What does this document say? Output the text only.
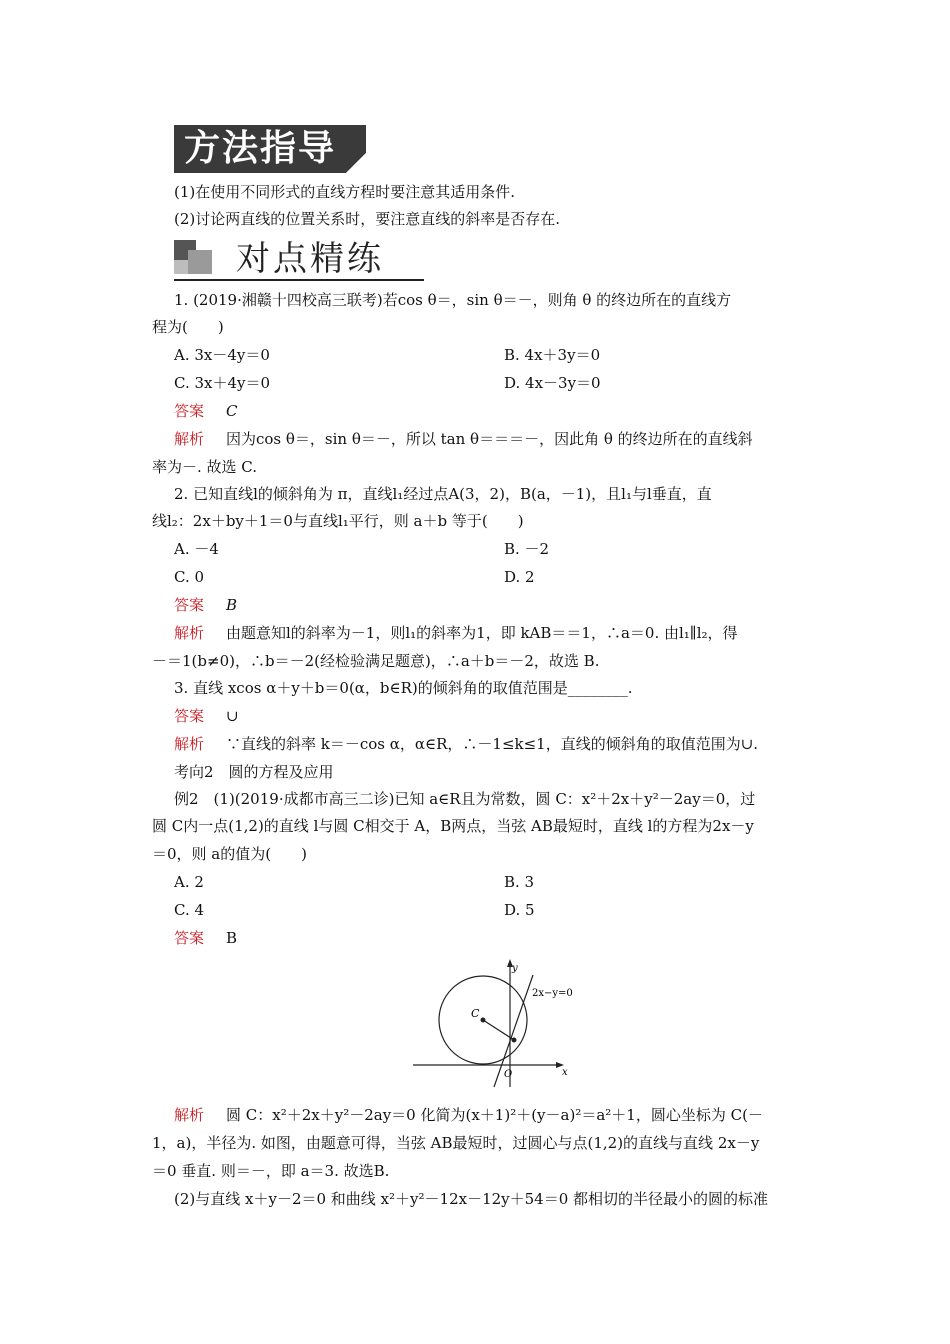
方法指导
(1)在使用不同形式的直线方程时要注意其适用条件.
(2)讨论两直线的位置关系时，要注意直线的斜率是否存在.
对点精练
1. (2019·湘赣十四校高三联考)若cos θ＝，sin θ＝－，则角 θ 的终边所在的直线方
程为(　　)
A. 3x－4y＝0	B. 4x＋3y＝0
C. 3x＋4y＝0	D. 4x－3y＝0
答案 C
解析 因为cos θ＝，sin θ＝－，所以 tan θ＝＝＝－，因此角 θ 的终边所在的直线斜
率为－. 故选 C.
2. 已知直线l的倾斜角为 π，直线l₁经过点A(3，2)，B(a，－1)，且l₁与l垂直，直
线l₂：2x＋by＋1＝0与直线l₁平行，则 a＋b 等于(　　)
A. －4	B. －2
C. 0	D. 2
答案 B
解析 由题意知l的斜率为－1，则l₁的斜率为1，即 kAB＝＝1，∴a＝0. 由l₁∥l₂，得
－＝1(b≠0)，∴b＝－2(经检验满足题意)，∴a＋b＝－2，故选 B.
3. 直线 xcos α＋y＋b＝0(α，b∈R)的倾斜角的取值范围是________.
答案 ∪
解析 ∵直线的斜率 k＝－cos α，α∈R，∴－1≤k≤1，直线的倾斜角的取值范围为∪.
考向2　圆的方程及应用
例2　(1)(2019·成都市高三二诊)已知 a∈R且为常数，圆 C：x²＋2x＋y²－2ay＝0，过
圆 C内一点(1,2)的直线 l与圆 C相交于 A，B两点，当弦 AB最短时，直线 l的方程为2x－y
＝0，则 a的值为(　　)
A. 2	B. 3
C. 4	D. 5
答案 B
y
x
2x−y=0
C
O
解析 圆 C：x²＋2x＋y²－2ay＝0 化简为(x＋1)²＋(y－a)²＝a²＋1，圆心坐标为 C(－
1，a)，半径为. 如图，由题意可得，当弦 AB最短时，过圆心与点(1,2)的直线与直线 2x－y
＝0 垂直. 则＝－，即 a＝3. 故选B.
(2)与直线 x＋y－2＝0 和曲线 x²＋y²－12x－12y＋54＝0 都相切的半径最小的圆的标准
